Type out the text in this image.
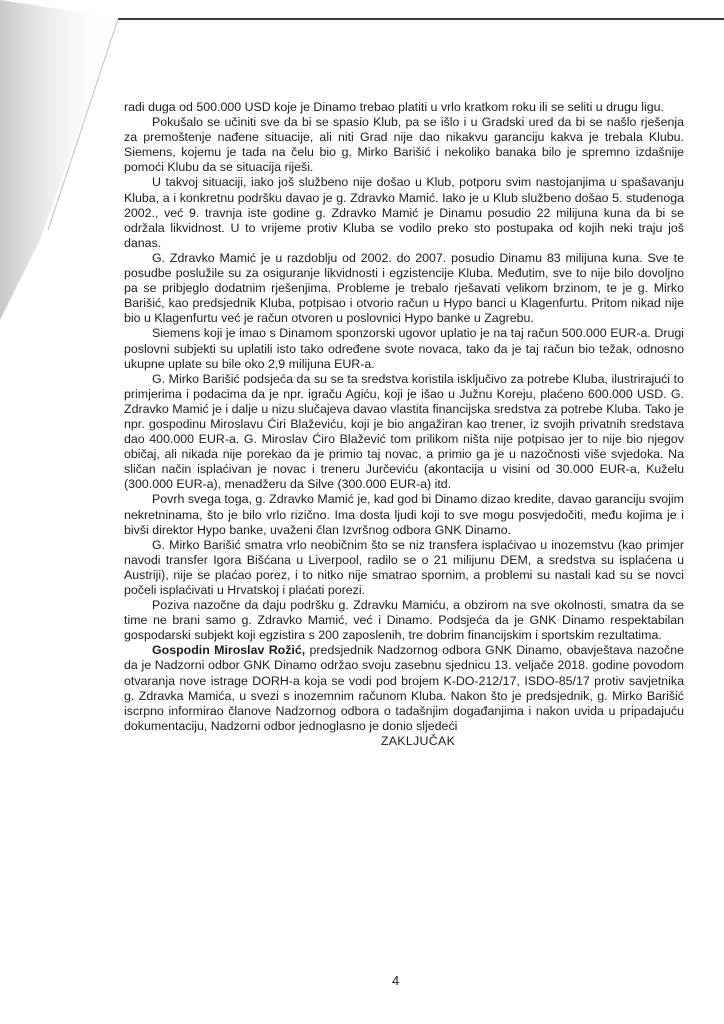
radi duga od 500.000 USD koje je Dinamo trebao platiti u vrlo kratkom roku ili se seliti u drugu ligu.

Pokušalo se učiniti sve da bi se spasio Klub, pa se išlo i u Gradski ured da bi se našlo rješenja za premoštenje nađene situacije, ali niti Grad nije dao nikakvu garanciju kakva je trebala Klubu. Siemens, kojemu je tada na čelu bio g. Mirko Barišić i nekoliko banaka bilo je spremno izdašnije pomoći Klubu da se situacija riješi.

U takvoj situaciji, iako još službeno nije došao u Klub, potporu svim nastojanjima u spašavanju Kluba, a i konkretnu podršku davao je g. Zdravko Mamić. Iako je u Klub službeno došao 5. studenoga 2002., već 9. travnja iste godine g. Zdravko Mamić je Dinamu posudio 22 milijuna kuna da bi se održala likvidnost. U to vrijeme protiv Kluba se vodilo preko sto postupaka od kojih neki traju još danas.

G. Zdravko Mamić je u razdoblju od 2002. do 2007. posudio Dinamu 83 milijuna kuna. Sve te posudbe poslužile su za osiguranje likvidnosti i egzistencije Kluba. Međutim, sve to nije bilo dovoljno pa se pribjeglo dodatnim rješenjima. Probleme je trebalo rješavati velikom brzinom, te je g. Mirko Barišić, kao predsjednik Kluba, potpisao i otvorio račun u Hypo banci u Klagenfurtu. Pritom nikad nije bio u Klagenfurtu već je račun otvoren u poslovnici Hypo banke u Zagrebu.

Siemens koji je imao s Dinamom sponzorski ugovor uplatio je na taj račun 500.000 EUR-a. Drugi poslovni subjekti su uplatili isto tako određene svote novaca, tako da je taj račun bio težak, odnosno ukupne uplate su bile oko 2,9 milijuna EUR-a.

G. Mirko Barišić podsjeća da su se ta sredstva koristila isključivo za potrebe Kluba, ilustrirajući to primjerima i podacima da je npr. igraču Agiću, koji je išao u Južnu Koreju, plaćeno 600.000 USD. G. Zdravko Mamić je i dalje u nizu slučajeva davao vlastita financijska sredstva za potrebe Kluba. Tako je npr. gospodinu Miroslavu Ćiri Blaževiću, koji je bio angažiran kao trener, iz svojih privatnih sredstava dao 400.000 EUR-a. G. Miroslav Ćiro Blažević tom prilikom ništa nije potpisao jer to nije bio njegov običaj, ali nikada nije porekao da je primio taj novac, a primio ga je u nazočnosti više svjedoka. Na sličan način isplaćivan je novac i treneru Jurčeviću (akontacija u visini od 30.000 EUR-a, Kuželu (300.000 EUR-a), menadžeru da Silve (300.000 EUR-a) itd.

Povrh svega toga, g. Zdravko Mamić je, kad god bi Dinamo dizao kredite, davao garanciju svojim nekretninama, što je bilo vrlo rizično. Ima dosta ljudi koji to sve mogu posvjedočiti, među kojima je i bivši direktor Hypo banke, uvaženi član Izvršnog odbora GNK Dinamo.

G. Mirko Barišić smatra vrlo neobičnim što se niz transfera isplaćivao u inozemstvu (kao primjer navodi transfer Igora Bišćana u Liverpool, radilo se o 21 milijunu DEM, a sredstva su isplaćena u Austriji), nije se plaćao porez, i to nitko nije smatrao spornim, a problemi su nastali kad su se novci počeli isplaćivati u Hrvatskoj i plaćati porezi.

Poziva nazočne da daju podršku g. Zdravku Mamiću, a obzirom na sve okolnosti, smatra da se time ne brani samo g. Zdravko Mamić, već i Dinamo. Podsjeća da je GNK Dinamo respektabilan gospodarski subjekt koji egzistira s 200 zaposlenih, tre dobrim financijskim i sportskim rezultatima.

Gospodin Miroslav Rožić, predsjednik Nadzornog odbora GNK Dinamo, obavještava nazočne da je Nadzorni odbor GNK Dinamo održao svoju zasebnu sjednicu 13. veljače 2018. godine povodom otvaranja nove istrage DORH-a koja se vodi pod brojem K-DO-212/17, ISDO-85/17 protiv savjetnika g. Zdravka Mamića, u svezi s inozemnim računom Kluba. Nakon što je predsjednik, g. Mirko Barišić iscrpno informirao članove Nadzornog odbora o tadašnjim događanjima i nakon uvida u pripadajuću dokumentaciju, Nadzorni odbor jednoglasno je donio sljedeći

ZAKLJUČAK

4
